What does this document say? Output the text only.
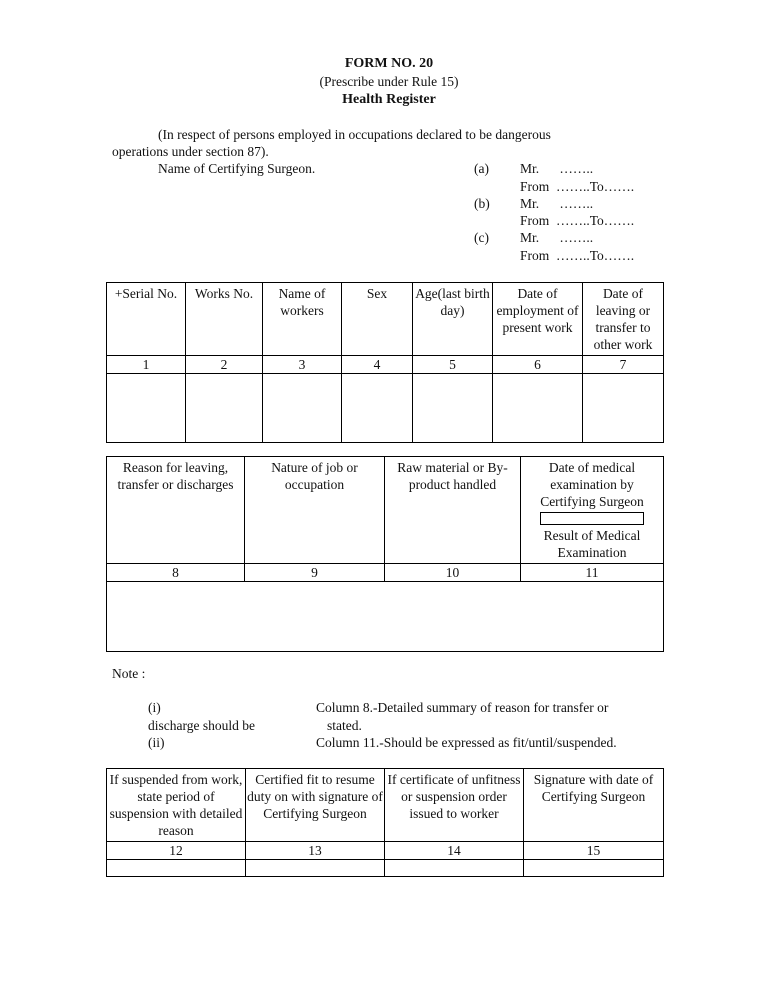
FORM NO. 20
(Prescribe under Rule 15)
Health Register
(In respect of persons employed in occupations declared to be dangerous
operations under section 87).
Name of Certifying Surgeon.	(a) Mr.      ……..
From  ……..To…….
(b) Mr.      ……..
From  ……..To…….
(c) Mr.      ……..
From  ……..To…….
+Serial No.	Works No.	Name of workers	Sex	Age(last birth day)	Date of employment of present work	Date of leaving or transfer to other work
1	2	3	4	5	6	7

Reason for leaving, transfer or discharges	Nature of job or occupation	Raw material or By-product handled	Date of medical examination by Certifying Surgeon
Result of Medical Examination
8	9	10	11

Note :
(i)	Column 8.-Detailed summary of reason for transfer or
discharge should be	stated.
(ii)	Column 11.-Should be expressed as fit/until/suspended.
If suspended from work, state period of suspension with detailed reason	Certified fit to resume duty on with signature of Certifying Surgeon	If certificate of unfitness or suspension order issued to worker	Signature with date of Certifying Surgeon
12	13	14	15
